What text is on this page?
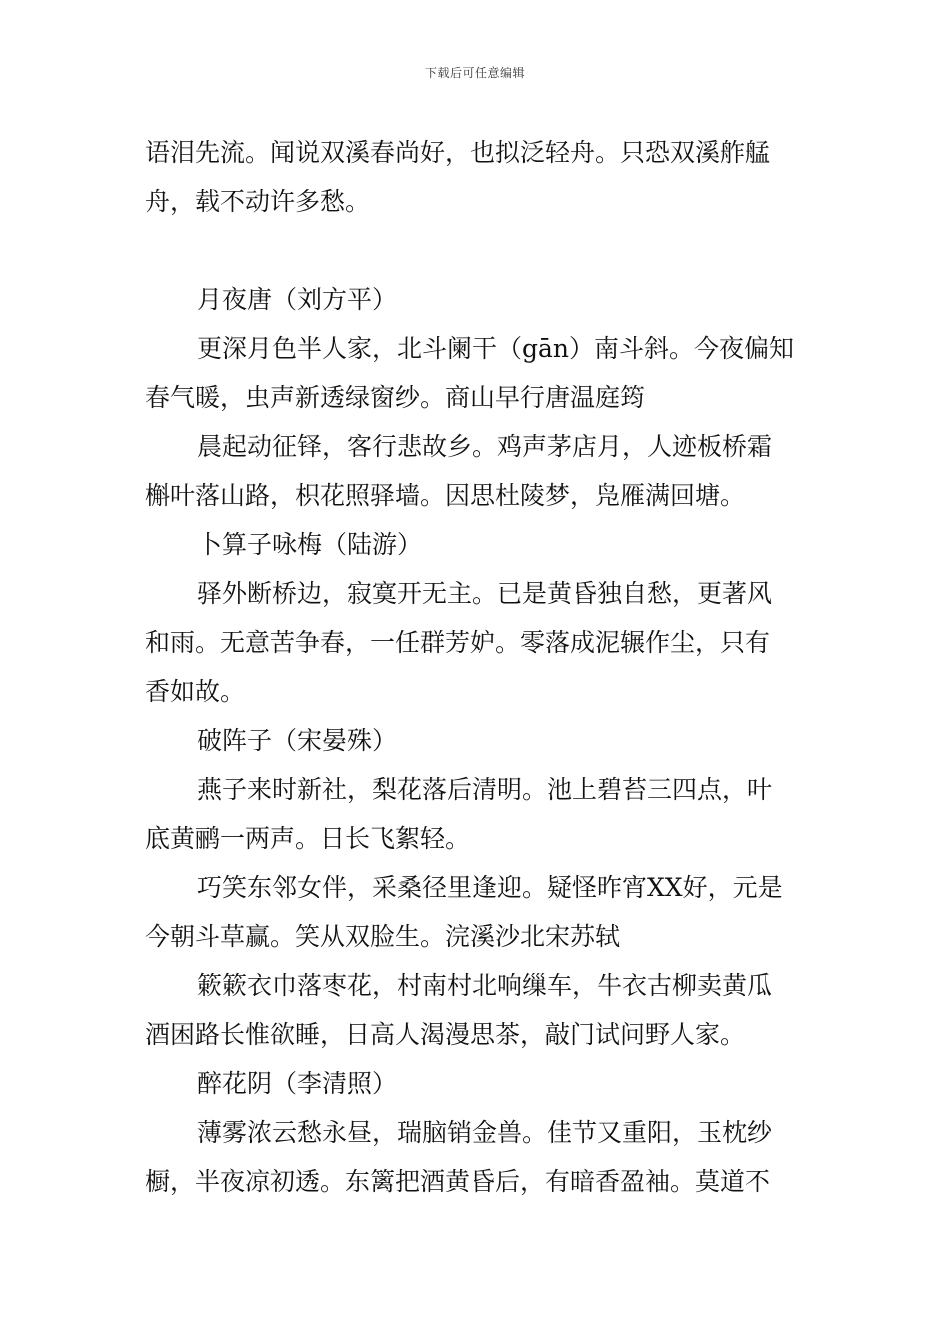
下载后可任意编辑

语泪先流。闻说双溪春尚好，也拟泛轻舟。只恐双溪舴艋

舟，载不动许多愁。

月夜唐（刘方平）

更深月色半人家，北斗阑干（gān）南斗斜。今夜偏知

春气暖，虫声新透绿窗纱。商山早行唐温庭筠

晨起动征铎，客行悲故乡。鸡声茅店月，人迹板桥霜

槲叶落山路，枳花照驿墙。因思杜陵梦，凫雁满回塘。

卜算子咏梅（陆游）

驿外断桥边，寂寞开无主。已是黄昏独自愁，更著风

和雨。无意苦争春，一任群芳妒。零落成泥辗作尘，只有

香如故。

破阵子（宋晏殊）

燕子来时新社，梨花落后清明。池上碧苔三四点，叶

底黄鹂一两声。日长飞絮轻。

巧笑东邻女伴，采桑径里逢迎。疑怪昨宵XX好，元是

今朝斗草赢。笑从双脸生。浣溪沙北宋苏轼

簌簌衣巾落枣花，村南村北响缫车，牛衣古柳卖黄瓜

酒困路长惟欲睡，日高人渴漫思茶，敲门试问野人家。

醉花阴（李清照）

薄雾浓云愁永昼，瑞脑销金兽。佳节又重阳，玉枕纱

橱，半夜凉初透。东篱把酒黄昏后，有暗香盈袖。莫道不
